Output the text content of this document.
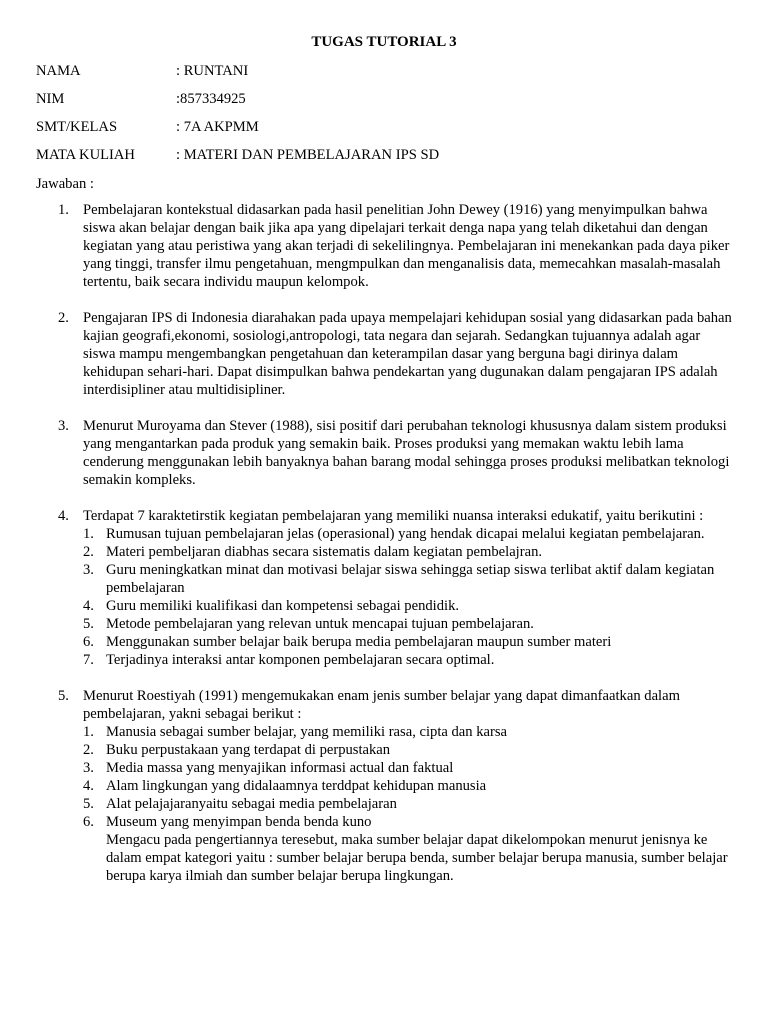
TUGAS TUTORIAL 3
NAMA	: RUNTANI
NIM	:857334925
SMT/KELAS	: 7A AKPMM
MATA KULIAH	: MATERI DAN PEMBELAJARAN IPS SD
Jawaban :
1. Pembelajaran kontekstual didasarkan pada hasil penelitian John Dewey (1916) yang menyimpulkan bahwa siswa akan belajar dengan baik jika apa yang dipelajari terkait denga napa yang telah diketahui dan dengan kegiatan yang atau peristiwa yang akan terjadi di sekelilingnya. Pembelajaran ini menekankan pada daya piker yang tinggi, transfer ilmu pengetahuan, mengmpulkan dan menganalisis data, memecahkan masalah-masalah tertentu, baik secara individu maupun kelompok.

2. Pengajaran IPS di Indonesia diarahakan pada upaya mempelajari kehidupan sosial yang didasarkan pada bahan kajian geografi,ekonomi, sosiologi,antropologi, tata negara dan sejarah. Sedangkan tujuannya adalah agar siswa mampu mengembangkan pengetahuan dan keterampilan dasar yang berguna bagi dirinya dalam kehidupan sehari-hari. Dapat disimpulkan bahwa pendekartan yang dugunakan dalam pengajaran IPS adalah interdisipliner atau multidisipliner.

3. Menurut Muroyama dan Stever (1988), sisi positif dari perubahan teknologi khususnya dalam sistem produksi yang mengantarkan pada produk yang semakin baik. Proses produksi yang memakan waktu lebih lama cenderung menggunakan lebih banyaknya bahan barang modal sehingga proses produksi melibatkan teknologi semakin kompleks.

4. Terdapat 7 karaktetirstik kegiatan pembelajaran yang memiliki nuansa interaksi edukatif, yaitu berikutini :

1. Rumusan tujuan pembelajaran jelas (operasional) yang hendak dicapai melalui kegiatan pembelajaran.
2. Materi pembeljaran diabhas secara sistematis dalam kegiatan pembelajran.
3. Guru meningkatkan minat dan motivasi belajar siswa sehingga setiap siswa terlibat aktif dalam kegiatan pembelajaran
4. Guru memiliki kualifikasi dan kompetensi sebagai pendidik.
5. Metode pembelajaran yang relevan untuk mencapai tujuan pembelajaran.
6. Menggunakan sumber belajar baik berupa media pembelajaran maupun sumber materi
7. Terjadinya interaksi antar komponen pembelajaran secara optimal.
5. Menurut Roestiyah (1991) mengemukakan enam jenis sumber belajar yang dapat dimanfaatkan dalam pembelajaran, yakni sebagai berikut :

1. Manusia sebagai sumber belajar, yang memiliki rasa, cipta dan karsa
2. Buku perpustakaan yang terdapat di perpustakan
3. Media massa yang menyajikan informasi actual dan faktual
4. Alam lingkungan yang didalaamnya terddpat kehidupan manusia
5. Alat pelajajaranyaitu sebagai media pembelajaran
6. Museum yang menyimpan benda benda kuno

Mengacu pada pengertiannya teresebut, maka sumber belajar dapat dikelompokan menurut jenisnya ke dalam empat kategori yaitu : sumber belajar berupa benda, sumber belajar berupa manusia, sumber belajar berupa karya ilmiah dan sumber belajar berupa lingkungan.
